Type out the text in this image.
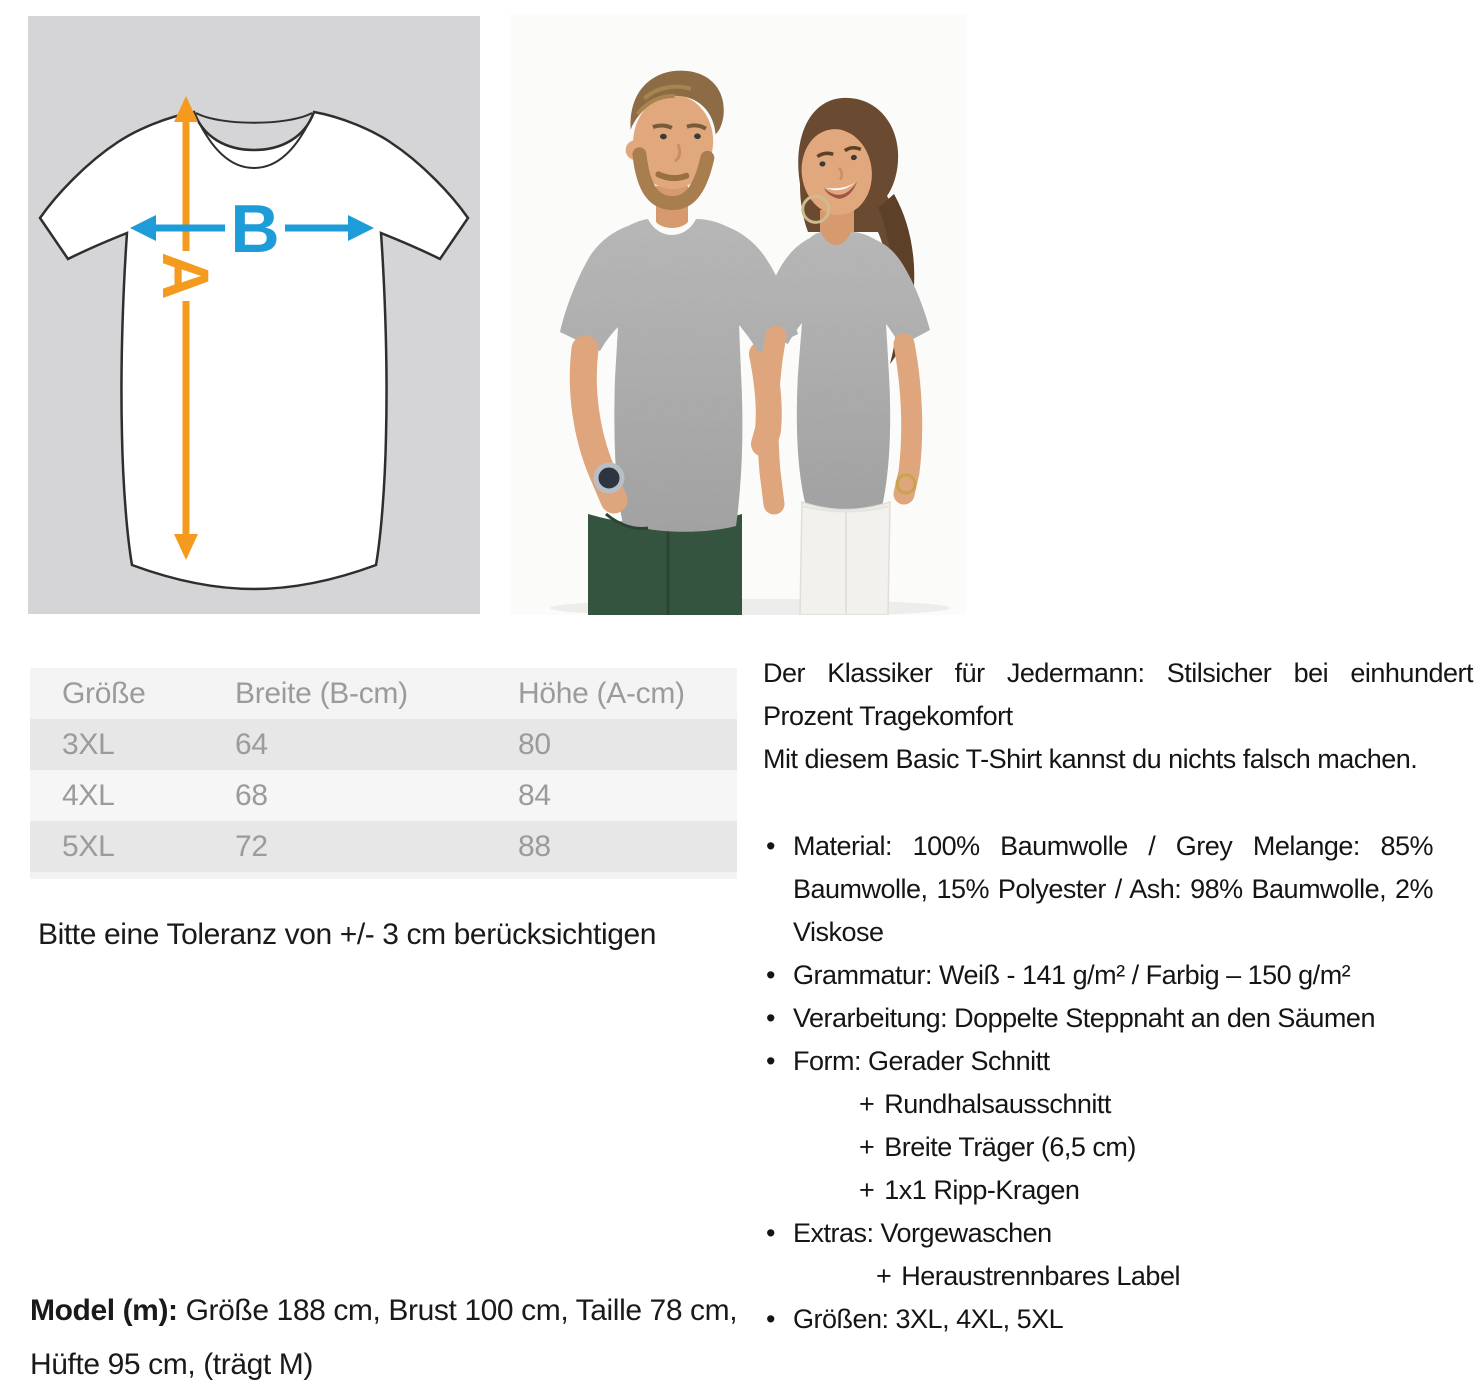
A
B
Größe	Breite (B-cm)	Höhe (A-cm)
3XL	64	80
4XL	68	84
5XL	72	88
Bitte eine Toleranz von +/- 3 cm berücksichtigen
Model (m): Größe 188 cm, Brust 100 cm, Taille 78 cm, Hüfte 95 cm, (trägt M)

Der Klassiker für Jedermann: Stilsicher bei einhundert Prozent Tragekomfort

Mit diesem Basic T-Shirt kannst du nichts falsch machen.

• Material: 100% Baumwolle / Grey Melange: 85% Baumwolle, 15% Polyester / Ash: 98% Baumwolle, 2% Viskose
• Grammatur: Weiß - 141 g/m² / Farbig – 150 g/m²
• Verarbeitung: Doppelte Steppnaht an den Säumen
• Form: Gerader Schnitt
+ Rundhalsausschnitt
+ Breite Träger (6,5 cm)
+ 1x1 Ripp-Kragen
• Extras: Vorgewaschen
+ Heraustrennbares Label
• Größen: 3XL, 4XL, 5XL
